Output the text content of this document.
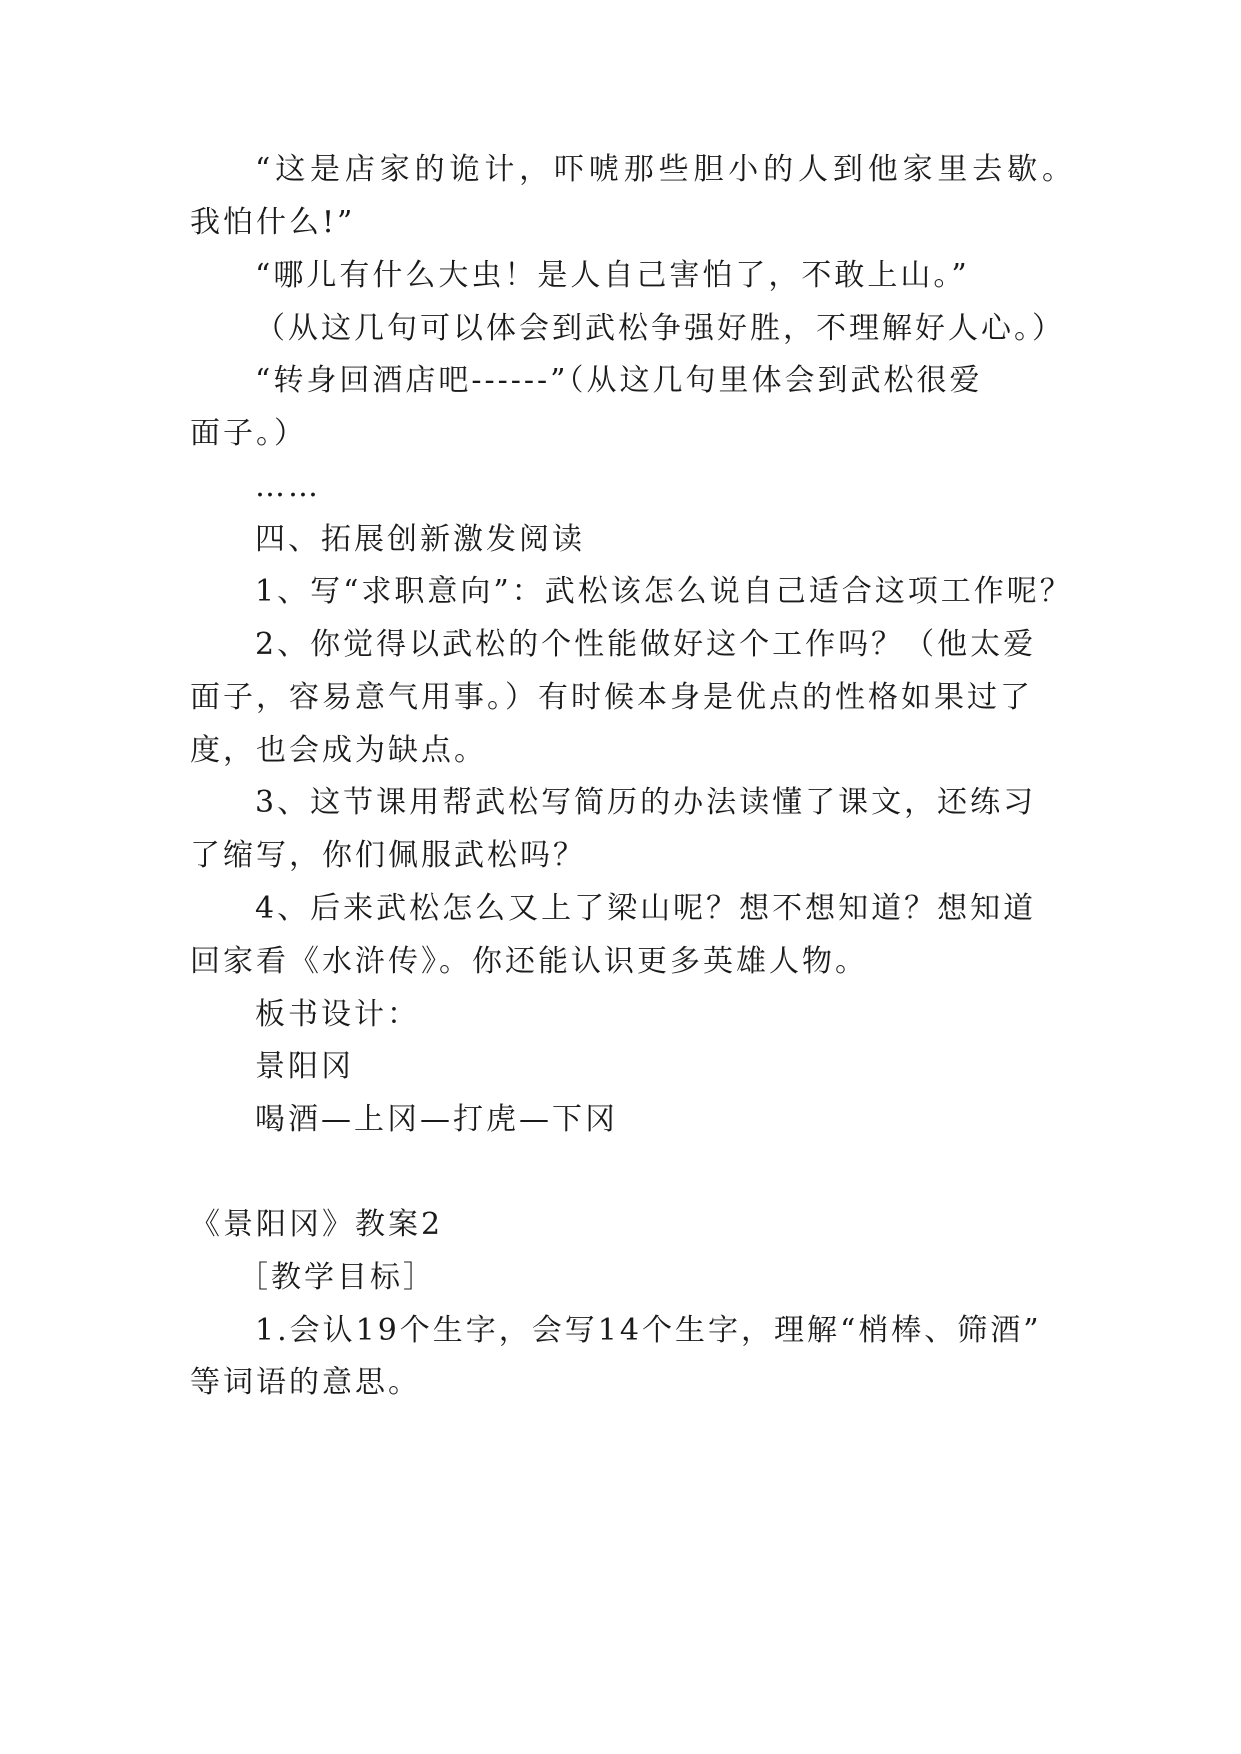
“这是店家的诡计，吓唬那些胆小的人到他家里去歇。
我怕什么!”
“哪儿有什么大虫！是人自己害怕了，不敢上山。”
（从这几句可以体会到武松争强好胜，不理解好人心。）
“转身回酒店吧------”（从这几句里体会到武松很爱
面子。）
……
四、拓展创新激发阅读
1、写“求职意向”：武松该怎么说自己适合这项工作呢？
2、你觉得以武松的个性能做好这个工作吗？（他太爱
面子，容易意气用事。）有时候本身是优点的性格如果过了
度，也会成为缺点。
3、这节课用帮武松写简历的办法读懂了课文，还练习
了缩写，你们佩服武松吗？
4、后来武松怎么又上了梁山呢？想不想知道？想知道
回家看《水浒传》。你还能认识更多英雄人物。
板书设计：
景阳冈
喝酒—上冈—打虎—下冈
《景阳冈》教案2
［教学目标］
1.会认19个生字，会写14个生字，理解“梢棒、筛酒”
等词语的意思。
